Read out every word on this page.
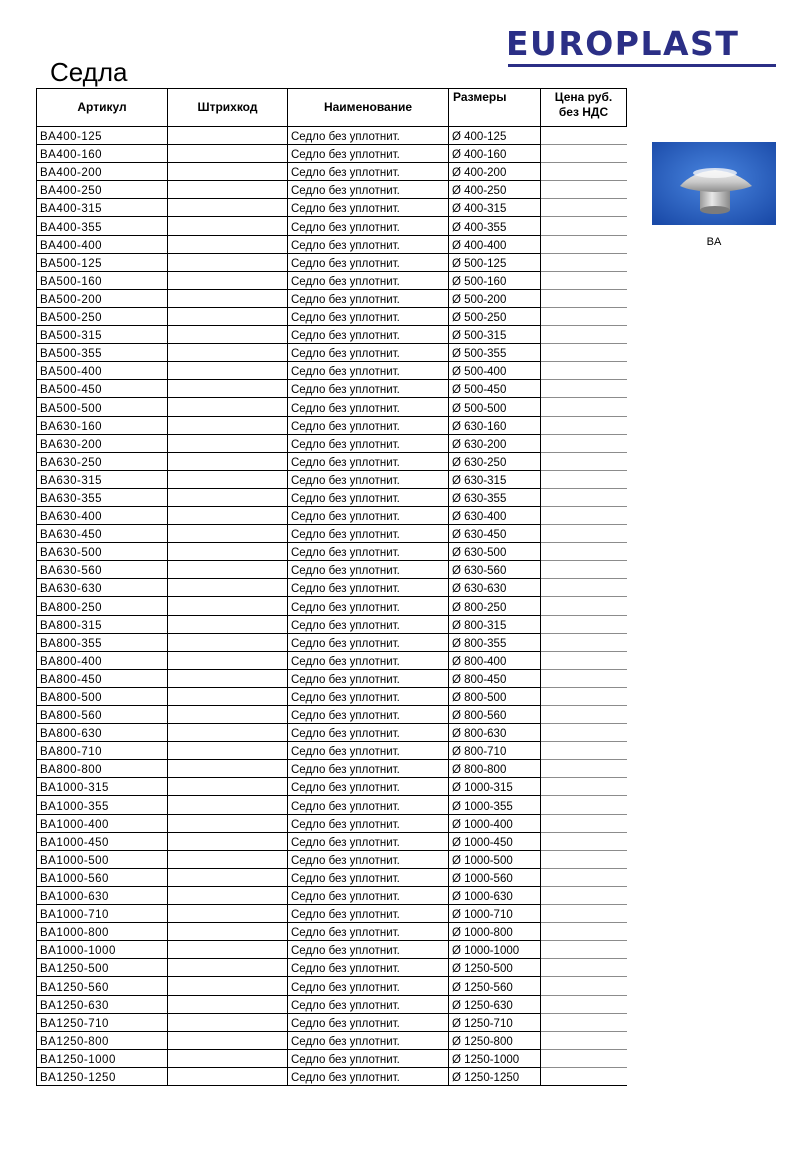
EUROPLAST
Седла
Артикул	Штрихкод	Наименование	Размеры	Цена руб.
без НДС

BA400-125		Седло без уплотнит.	Ø 400-125	
BA400-160		Седло без уплотнит.	Ø 400-160	
BA400-200		Седло без уплотнит.	Ø 400-200	
BA400-250		Седло без уплотнит.	Ø 400-250	
BA400-315		Седло без уплотнит.	Ø 400-315	
BA400-355		Седло без уплотнит.	Ø 400-355	
BA400-400		Седло без уплотнит.	Ø 400-400	
BA500-125		Седло без уплотнит.	Ø 500-125	
BA500-160		Седло без уплотнит.	Ø 500-160	
BA500-200		Седло без уплотнит.	Ø 500-200	
BA500-250		Седло без уплотнит.	Ø 500-250	
BA500-315		Седло без уплотнит.	Ø 500-315	
BA500-355		Седло без уплотнит.	Ø 500-355	
BA500-400		Седло без уплотнит.	Ø 500-400	
BA500-450		Седло без уплотнит.	Ø 500-450	
BA500-500		Седло без уплотнит.	Ø 500-500	
BA630-160		Седло без уплотнит.	Ø 630-160	
BA630-200		Седло без уплотнит.	Ø 630-200	
BA630-250		Седло без уплотнит.	Ø 630-250	
BA630-315		Седло без уплотнит.	Ø 630-315	
BA630-355		Седло без уплотнит.	Ø 630-355	
BA630-400		Седло без уплотнит.	Ø 630-400	
BA630-450		Седло без уплотнит.	Ø 630-450	
BA630-500		Седло без уплотнит.	Ø 630-500	
BA630-560		Седло без уплотнит.	Ø 630-560	
BA630-630		Седло без уплотнит.	Ø 630-630	
BA800-250		Седло без уплотнит.	Ø 800-250	
BA800-315		Седло без уплотнит.	Ø 800-315	
BA800-355		Седло без уплотнит.	Ø 800-355	
BA800-400		Седло без уплотнит.	Ø 800-400	
BA800-450		Седло без уплотнит.	Ø 800-450	
BA800-500		Седло без уплотнит.	Ø 800-500	
BA800-560		Седло без уплотнит.	Ø 800-560	
BA800-630		Седло без уплотнит.	Ø 800-630	
BA800-710		Седло без уплотнит.	Ø 800-710	
BA800-800		Седло без уплотнит.	Ø 800-800	
BA1000-315		Седло без уплотнит.	Ø 1000-315	
BA1000-355		Седло без уплотнит.	Ø 1000-355	
BA1000-400		Седло без уплотнит.	Ø 1000-400	
BA1000-450		Седло без уплотнит.	Ø 1000-450	
BA1000-500		Седло без уплотнит.	Ø 1000-500	
BA1000-560		Седло без уплотнит.	Ø 1000-560	
BA1000-630		Седло без уплотнит.	Ø 1000-630	
BA1000-710		Седло без уплотнит.	Ø 1000-710	
BA1000-800		Седло без уплотнит.	Ø 1000-800	
BA1000-1000		Седло без уплотнит.	Ø 1000-1000	
BA1250-500		Седло без уплотнит.	Ø 1250-500	
BA1250-560		Седло без уплотнит.	Ø 1250-560	
BA1250-630		Седло без уплотнит.	Ø 1250-630	
BA1250-710		Седло без уплотнит.	Ø 1250-710	
BA1250-800		Седло без уплотнит.	Ø 1250-800	
BA1250-1000		Седло без уплотнит.	Ø 1250-1000	
BA1250-1250		Седло без уплотнит.	Ø 1250-1250	
BA
